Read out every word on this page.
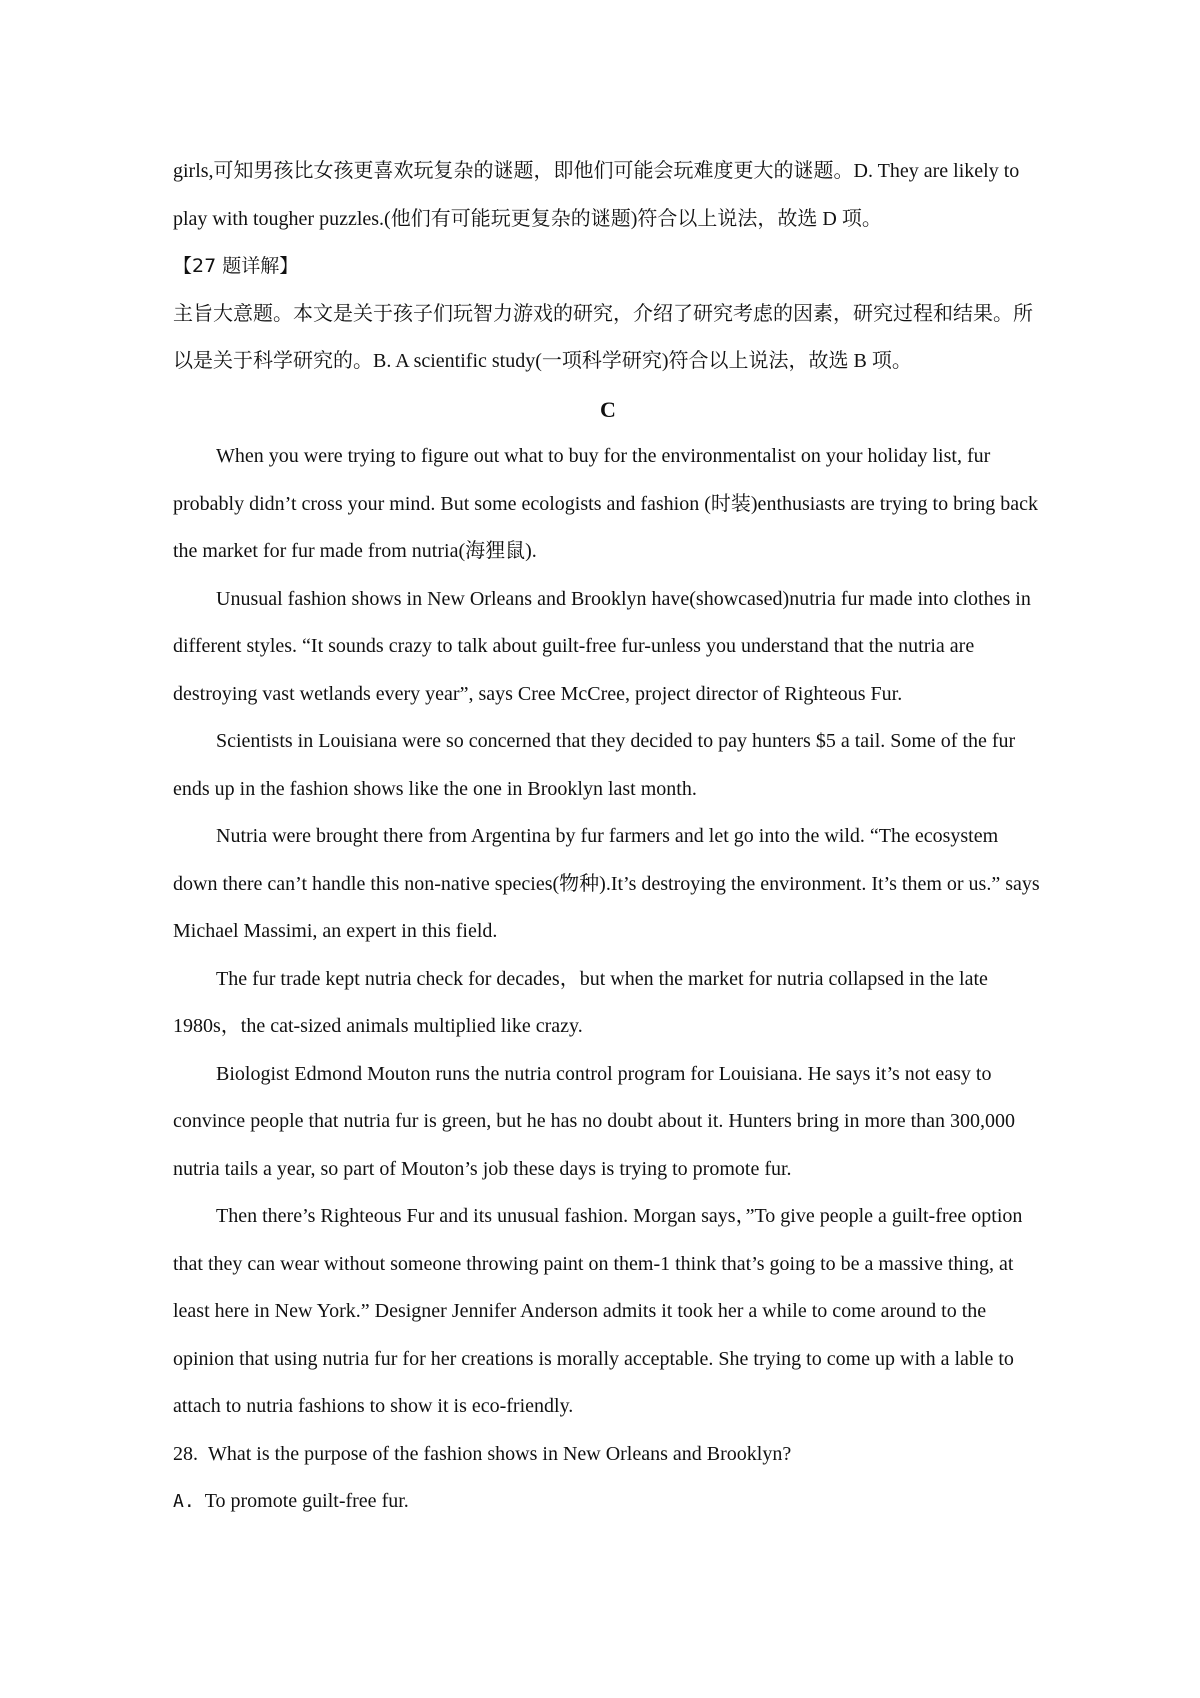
girls,可知男孩比女孩更喜欢玩复杂的谜题，即他们可能会玩难度更大的谜题。D. They are likely to play with tougher puzzles.(他们有可能玩更复杂的谜题)符合以上说法，故选 D 项。

【27 题详解】

主旨大意题。本文是关于孩子们玩智力游戏的研究，介绍了研究考虑的因素，研究过程和结果。所以是关于科学研究的。B. A scientific study(一项科学研究)符合以上说法，故选 B 项。

C

When you were trying to figure out what to buy for the environmentalist on your holiday list, fur probably didn’t cross your mind. But some ecologists and fashion (时装)enthusiasts are trying to bring back the market for fur made from nutria(海狸鼠).

Unusual fashion shows in New Orleans and Brooklyn have(showcased)nutria fur made into clothes in different styles. “It sounds crazy to talk about guilt-free fur-unless you understand that the nutria are destroying vast wetlands every year”, says Cree McCree, project director of Righteous Fur.

Scientists in Louisiana were so concerned that they decided to pay hunters $5 a tail. Some of the fur ends up in the fashion shows like the one in Brooklyn last month.

Nutria were brought there from Argentina by fur farmers and let go into the wild. “The ecosystem down there can’t handle this non-native species(物种).It’s destroying the environment. It’s them or us.” says Michael Massimi, an expert in this field.

The fur trade kept nutria check for decades，but when the market for nutria collapsed in the late 1980s，the cat-sized animals multiplied like crazy.

Biologist Edmond Mouton runs the nutria control program for Louisiana. He says it’s not easy to convince people that nutria fur is green, but he has no doubt about it. Hunters bring in more than 300,000 nutria tails a year, so part of Mouton’s job these days is trying to promote fur.

Then there’s Righteous Fur and its unusual fashion. Morgan says，”To give people a guilt-free option that they can wear without someone throwing paint on them-1 think that’s going to be a massive thing, at least here in New York.” Designer Jennifer Anderson admits it took her a while to come around to the opinion that using nutria fur for her creations is morally acceptable. She trying to come up with a lable to attach to nutria fashions to show it is eco-friendly.

28. What is the purpose of the fashion shows in New Orleans and Brooklyn?

A. To promote guilt-free fur.
